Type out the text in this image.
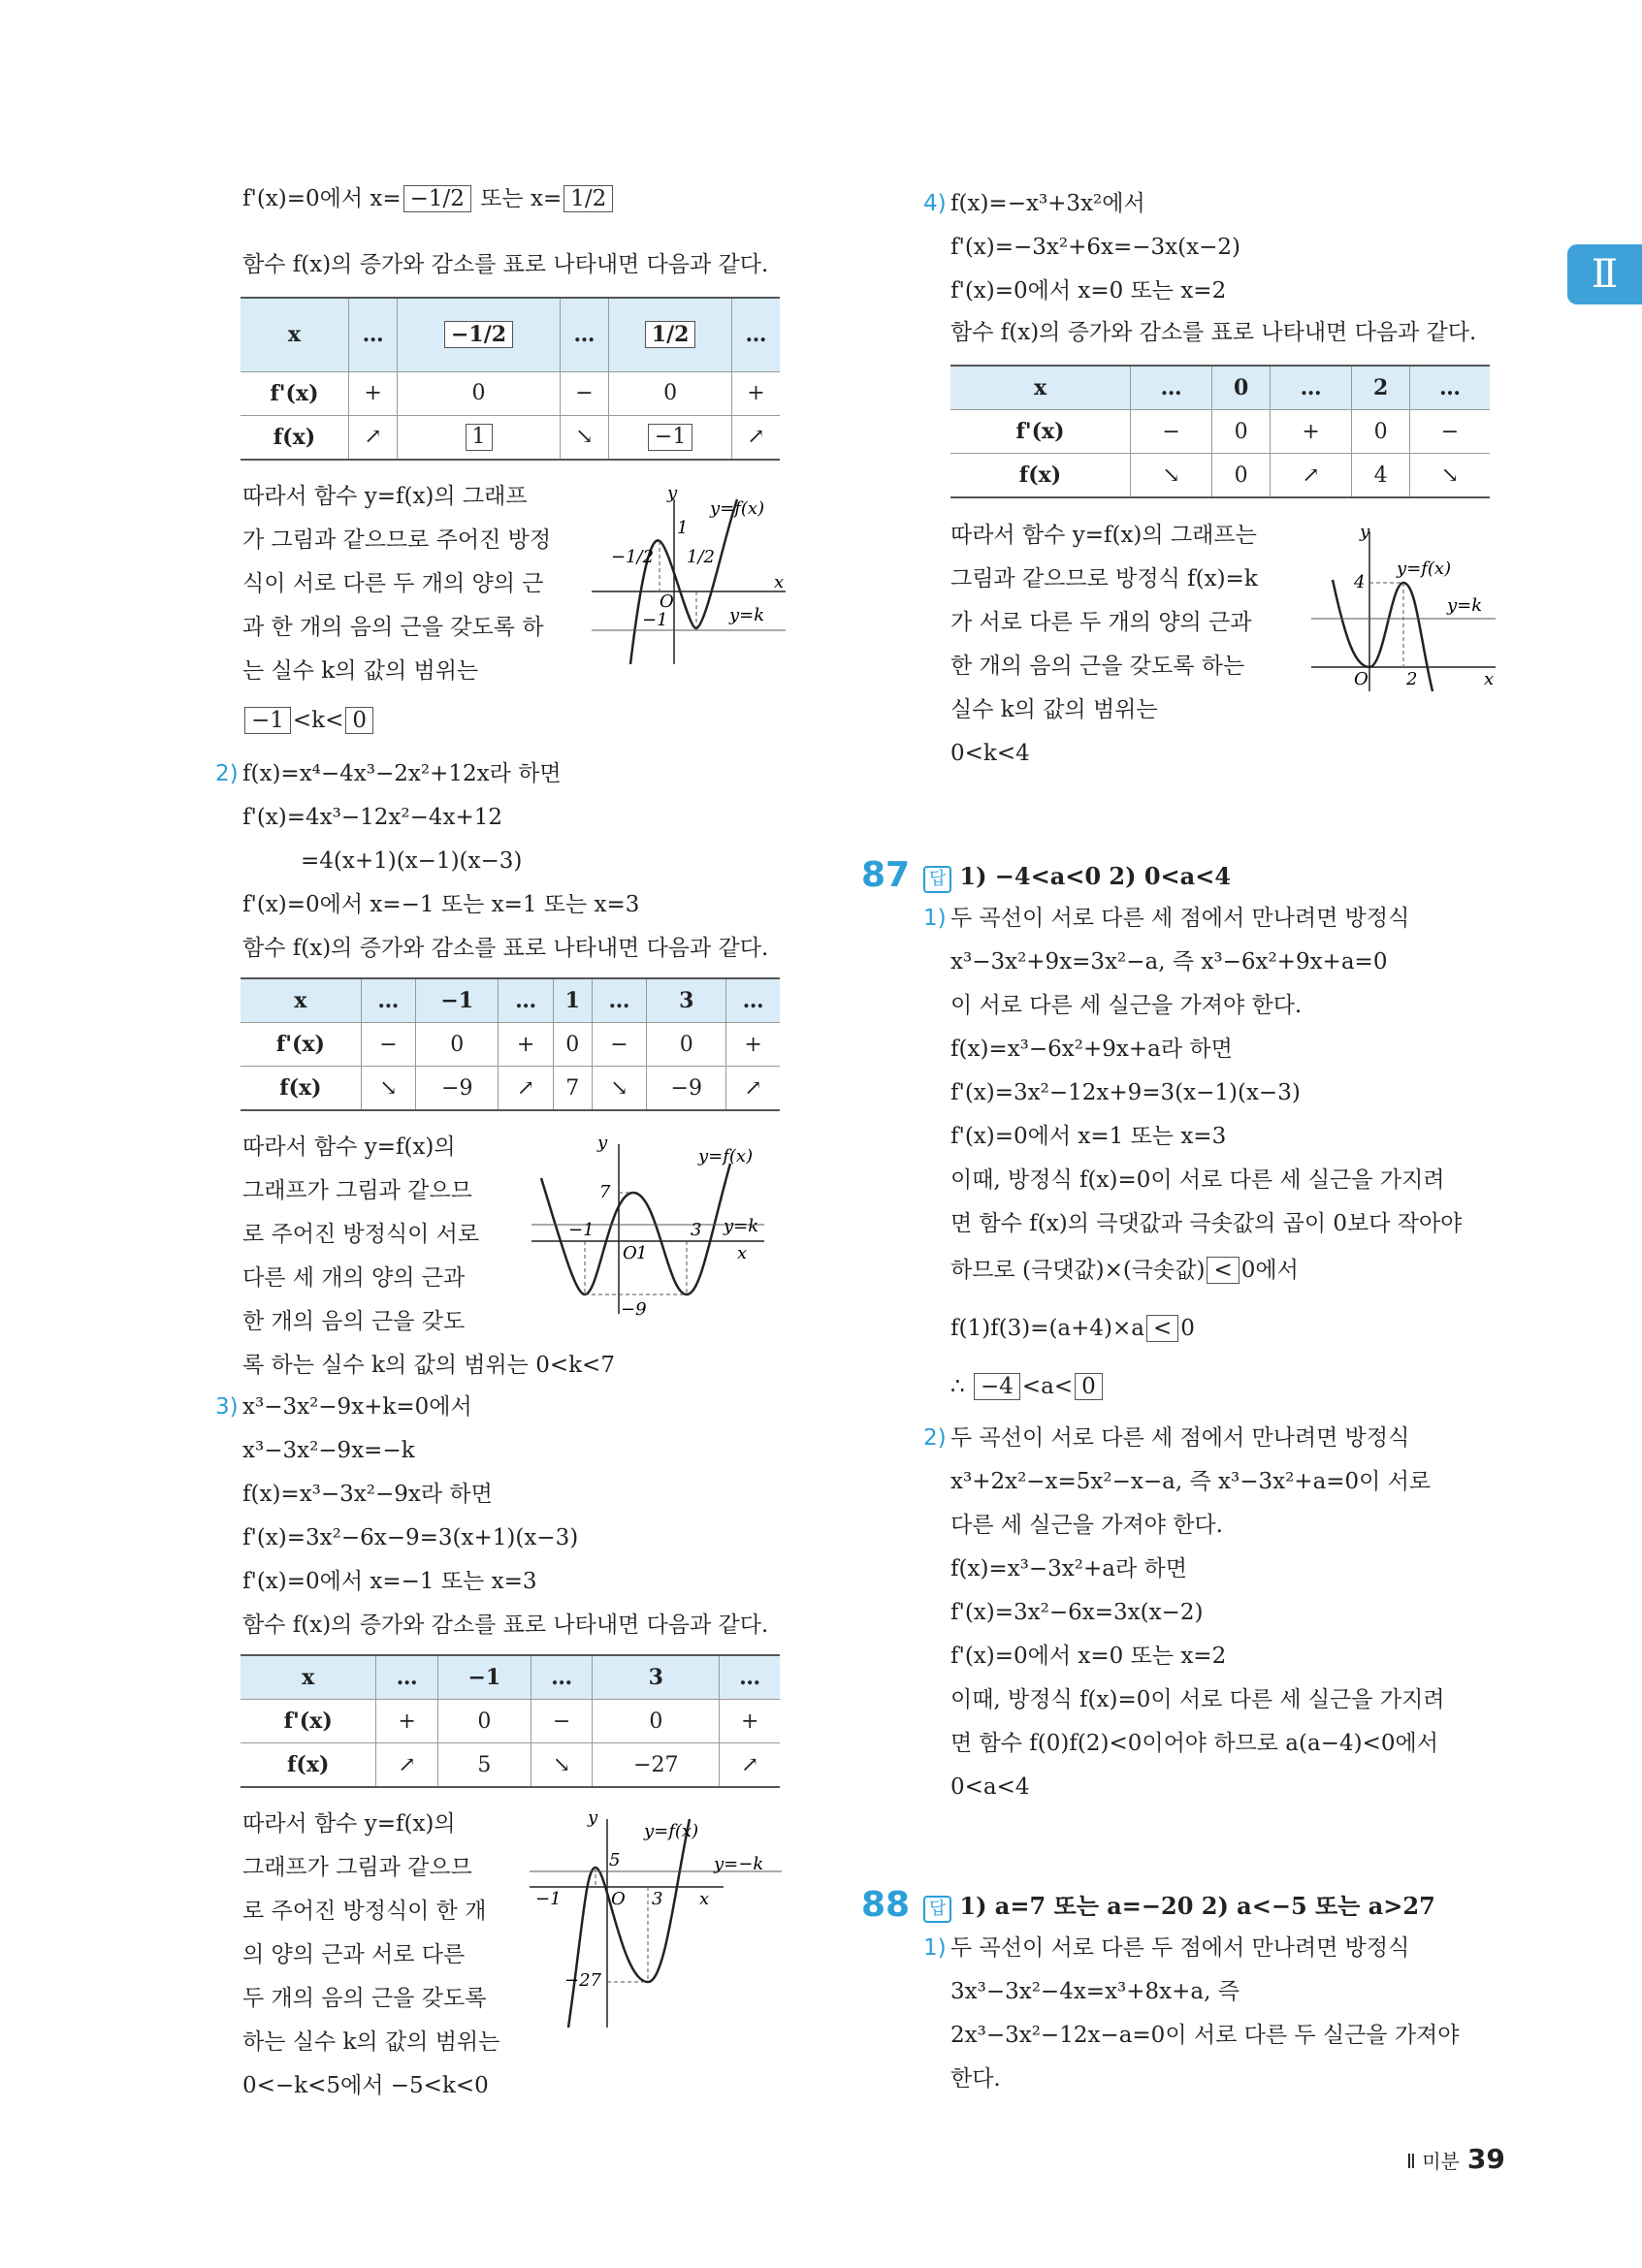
Ⅱ
f'(x)=0에서 x= −1/2 또는 x= 1/2
함수 f(x)의 증가와 감소를 표로 나타내면 다음과 같다.
x	…	−1/2	…	1/2	…
f'(x)	+	0	−	0	+
f(x)	↗	1	↘	−1	↗
따라서 함수 y=f(x)의 그래프
가 그림과 같으므로 주어진 방정
식이 서로 다른 두 개의 양의 근
과 한 개의 음의 근을 갖도록 하
는 실수 k의 값의 범위는
y
y=f(x)
x
O
y=k
1
−1
−1/2 1/2
−1 <k< 0
2) f(x)=x⁴−4x³−2x²+12x라 하면
f'(x)=4x³−12x²−4x+12
=4(x+1)(x−1)(x−3)
f'(x)=0에서 x=−1 또는 x=1 또는 x=3
함수 f(x)의 증가와 감소를 표로 나타내면 다음과 같다.
x	…	−1	…	1	…	3	…
f'(x)	−	0	+	0	−	0	+
f(x)	↘	−9	↗	7	↘	−9	↗
따라서 함수 y=f(x)의
그래프가 그림과 같으므
로 주어진 방정식이 서로
다른 세 개의 양의 근과
한 개의 음의 근을 갖도
록 하는 실수 k의 값의 범위는 0<k<7
y
y=f(x)
x
O 1
y=k
7
−9
−1	3
3) x³−3x²−9x+k=0에서
x³−3x²−9x=−k
f(x)=x³−3x²−9x라 하면
f'(x)=3x²−6x−9=3(x+1)(x−3)
f'(x)=0에서 x=−1 또는 x=3
함수 f(x)의 증가와 감소를 표로 나타내면 다음과 같다.
x	…	−1	…	3	…
f'(x)	+	0	−	0	+
f(x)	↗	5	↘	−27	↗
따라서 함수 y=f(x)의
그래프가 그림과 같으므
로 주어진 방정식이 한 개
의 양의 근과 서로 다른
두 개의 음의 근을 갖도록
하는 실수 k의 값의 범위는
0<−k<5에서 −5<k<0
y
y=f(x)
x
O
y=−k
5
−27
−1	3
4) f(x)=−x³+3x²에서
f'(x)=−3x²+6x=−3x(x−2)
f'(x)=0에서 x=0 또는 x=2
함수 f(x)의 증가와 감소를 표로 나타내면 다음과 같다.
x	…	0	…	2	…
f'(x)	−	0	+	0	−
f(x)	↘	0	↗	4	↘
따라서 함수 y=f(x)의 그래프는
그림과 같으므로 방정식 f(x)=k
가 서로 다른 두 개의 양의 근과
한 개의 음의 근을 갖도록 하는
실수 k의 값의 범위는
0<k<4
y
y=f(x)
x
O
y=k
4
2
87	답 1) −4<a<0 2) 0<a<4
1) 두 곡선이 서로 다른 세 점에서 만나려면 방정식
x³−3x²+9x=3x²−a, 즉 x³−6x²+9x+a=0
이 서로 다른 세 실근을 가져야 한다.
f(x)=x³−6x²+9x+a라 하면
f'(x)=3x²−12x+9=3(x−1)(x−3)
f'(x)=0에서 x=1 또는 x=3
이때, 방정식 f(x)=0이 서로 다른 세 실근을 가지려
면 함수 f(x)의 극댓값과 극솟값의 곱이 0보다 작아야
하므로 (극댓값)×(극솟값) < 0에서
f(1)f(3)=(a+4)×a < 0
∴ −4 <a< 0
2) 두 곡선이 서로 다른 세 점에서 만나려면 방정식
x³+2x²−x=5x²−x−a, 즉 x³−3x²+a=0이 서로
다른 세 실근을 가져야 한다.
f(x)=x³−3x²+a라 하면
f'(x)=3x²−6x=3x(x−2)
f'(x)=0에서 x=0 또는 x=2
이때, 방정식 f(x)=0이 서로 다른 세 실근을 가지려
면 함수 f(0)f(2)<0이어야 하므로 a(a−4)<0에서
0<a<4
88	답 1) a=7 또는 a=−20 2) a<−5 또는 a>27
1) 두 곡선이 서로 다른 두 점에서 만나려면 방정식
3x³−3x²−4x=x³+8x+a, 즉
2x³−3x²−12x−a=0이 서로 다른 두 실근을 가져야
한다.
Ⅱ 미분 39
